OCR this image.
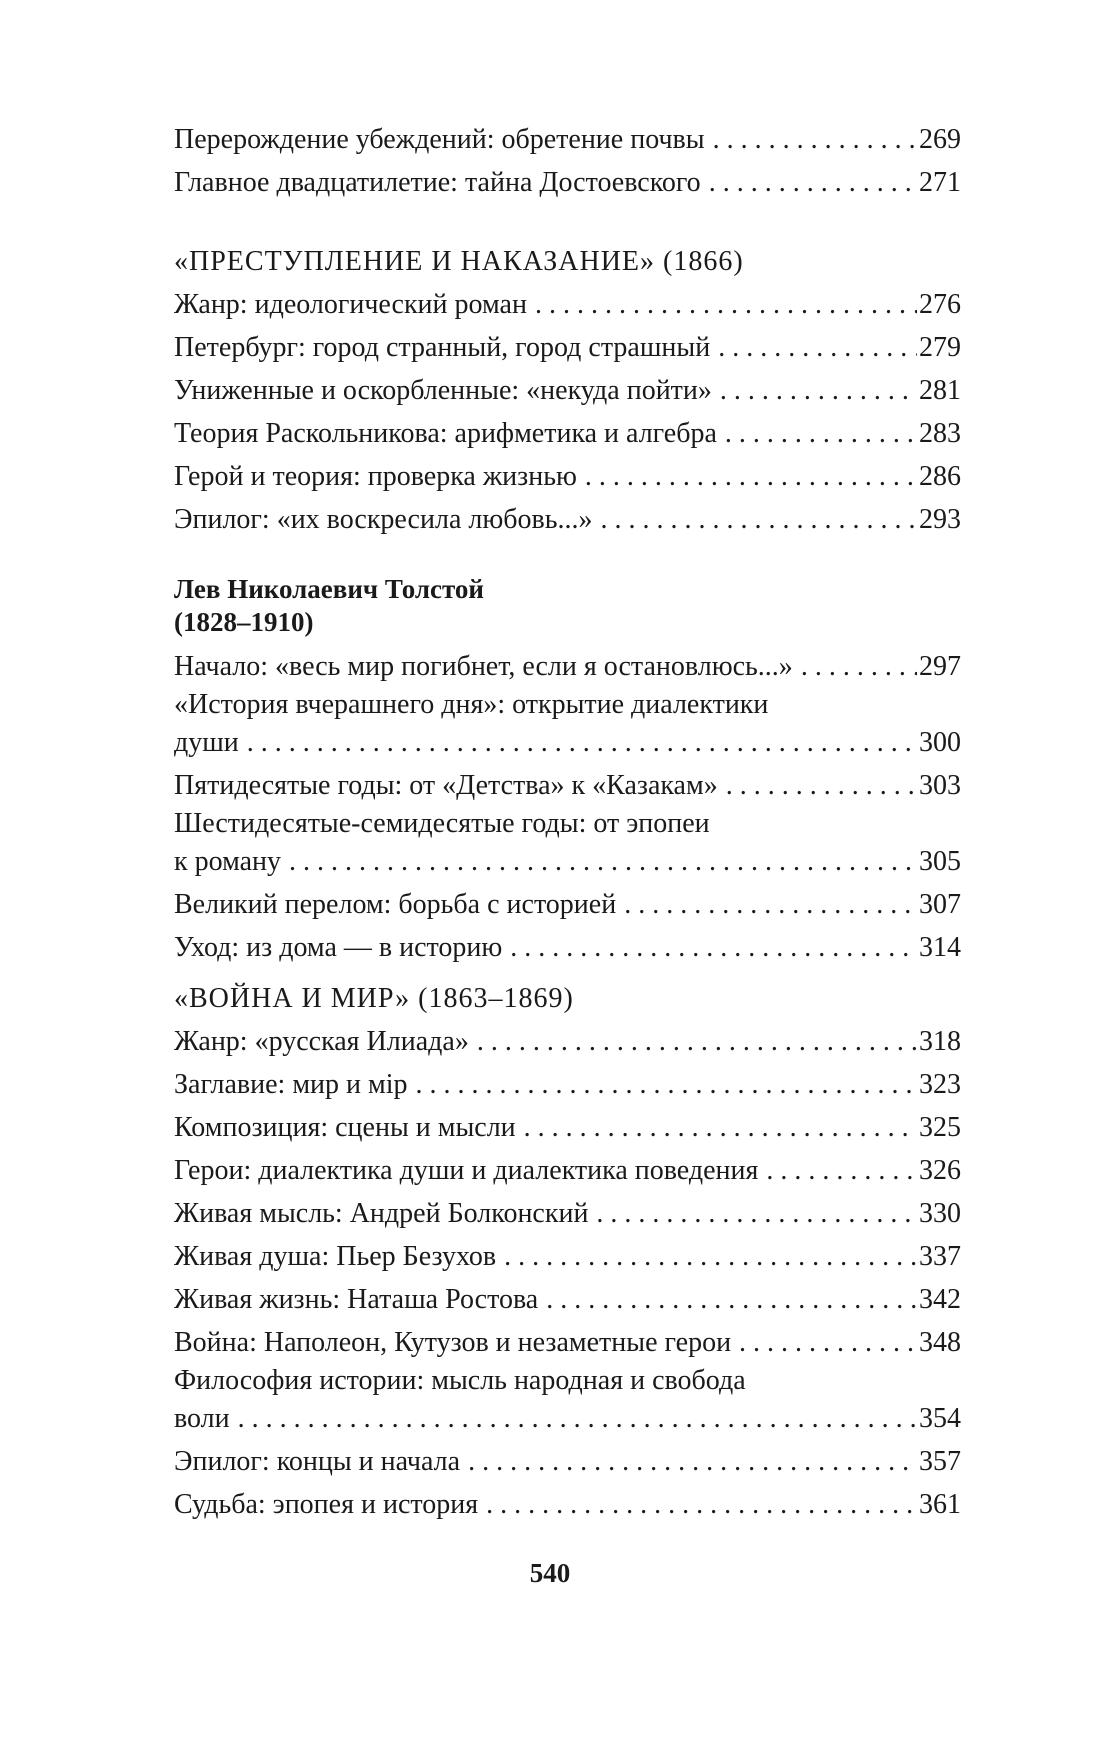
Перерождение убеждений: обретение почвы . . .	269
Главное двадцатилетие: тайна Достоевского . . .	271
«ПРЕСТУПЛЕНИЕ И НАКАЗАНИЕ» (1866)
Жанр: идеологический роман . . .	276
Петербург: город странный, город страшный . . .	279
Униженные и оскорбленные: «некуда пойти» . . .	281
Теория Раскольникова: арифметика и алгебра . . .	283
Герой и теория: проверка жизнью . . .	286
Эпилог: «их воскресила любовь...» . . .	293
Лев Николаевич Толстой
(1828–1910)
Начало: «весь мир погибнет, если я остановлюсь...» . . .	297
«История вчерашнего дня»: открытие диалектики
души . . .	300
Пятидесятые годы: от «Детства» к «Казакам» . . .	303
Шестидесятые-семидесятые годы: от эпопеи
к роману . . .	305
Великий перелом: борьба с историей . . .	307
Уход: из дома — в историю . . .	314
«ВОЙНА И МИР» (1863–1869)
Жанр: «русская Илиада» . . .	318
Заглавие: мир и мip . . .	323
Композиция: сцены и мысли . . .	325
Герои: диалектика души и диалектика поведения . . .	326
Живая мысль: Андрей Болконский . . .	330
Живая душа: Пьер Безухов . . .	337
Живая жизнь: Наташа Ростова . . .	342
Война: Наполеон, Кутузов и незаметные герои . . .	348
Философия истории: мысль народная и свобода
воли . . .	354
Эпилог: концы и начала . . .	357
Судьба: эпопея и история . . .	361
540
